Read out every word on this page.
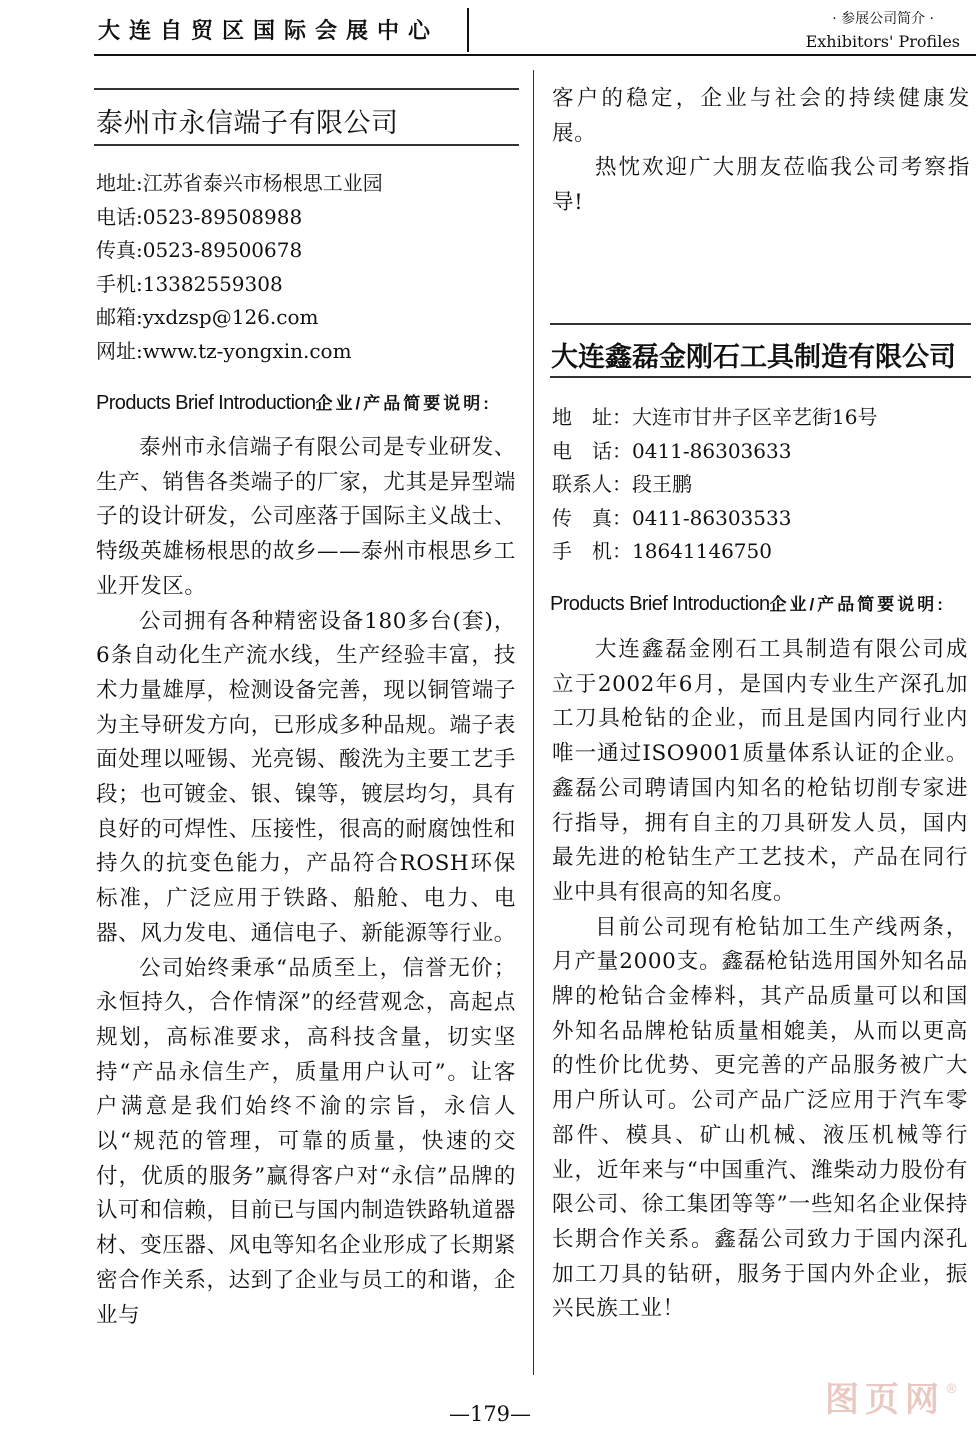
大连自贸区国际会展中心	· 参展公司简介 ·
Exhibitors' Profiles
泰州市永信端子有限公司
地址:江苏省泰兴市杨根思工业园
电话:0523-89508988
传真:0523-89500678
手机:13382559308
邮箱:yxdzsp@126.com
网址:www.tz-yongxin.com
Products Brief Introduction企业/产品简要说明:

泰州市永信端子有限公司是专业研发、生产、销售各类端子的厂家，尤其是异型端子的设计研发，公司座落于国际主义战士、特级英雄杨根思的故乡——泰州市根思乡工业开发区。

公司拥有各种精密设备180多台(套)，6条自动化生产流水线，生产经验丰富，技术力量雄厚，检测设备完善，现以铜管端子为主导研发方向，已形成多种品规。端子表面处理以哑锡、光亮锡、酸洗为主要工艺手段；也可镀金、银、镍等，镀层均匀，具有良好的可焊性、压接性，很高的耐腐蚀性和持久的抗变色能力，产品符合ROSH环保标准，广泛应用于铁路、船舱、电力、电器、风力发电、通信电子、新能源等行业。

公司始终秉承“品质至上，信誉无价；永恒持久，合作情深”的经营观念，高起点规划，高标准要求，高科技含量，切实坚持“产品永信生产，质量用户认可”。让客户满意是我们始终不渝的宗旨，永信人以“规范的管理，可靠的质量，快速的交付，优质的服务”赢得客户对“永信”品牌的认可和信赖，目前已与国内制造铁路轨道器材、变压器、风电等知名企业形成了长期紧密合作关系，达到了企业与员工的和谐，企业与

客户的稳定，企业与社会的持续健康发展。

热忱欢迎广大朋友莅临我公司考察指导!

大连鑫磊金刚石工具制造有限公司
地　址：大连市甘井子区辛艺街16号
电　话：0411-86303633
联系人：段王鹏
传　真：0411-86303533
手　机：18641146750
Products Brief Introduction企业/产品简要说明:

大连鑫磊金刚石工具制造有限公司成立于2002年6月，是国内专业生产深孔加工刀具枪钻的企业，而且是国内同行业内唯一通过ISO9001质量体系认证的企业。鑫磊公司聘请国内知名的枪钻切削专家进行指导，拥有自主的刀具研发人员，国内最先进的枪钻生产工艺技术，产品在同行业中具有很高的知名度。

目前公司现有枪钻加工生产线两条，月产量2000支。鑫磊枪钻选用国外知名品牌的枪钻合金棒料，其产品质量可以和国外知名品牌枪钻质量相媲美，从而以更高的性价比优势、更完善的产品服务被广大用户所认可。公司产品广泛应用于汽车零部件、模具、矿山机械、液压机械等行业，近年来与“中国重汽、潍柴动力股份有限公司、徐工集团等等”一些知名企业保持长期合作关系。鑫磊公司致力于国内深孔加工刀具的钻研，服务于国内外企业，振兴民族工业！

—179—	图页网®
